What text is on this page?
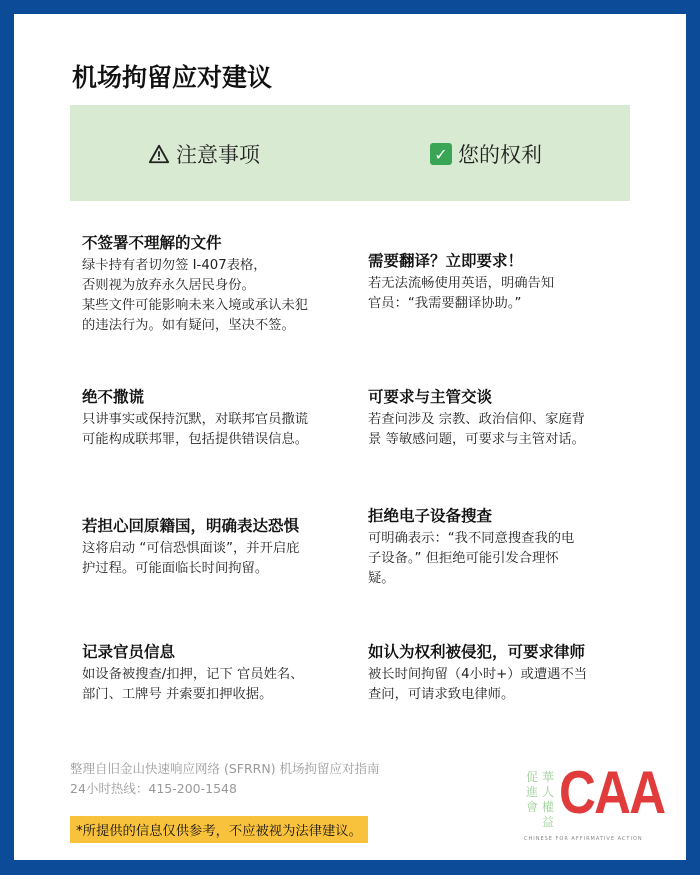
机场拘留应对建议
注意事项	✓ 您的权利
不签署不理解的文件

绿卡持有者切勿签 I-407表格，
否则视为放弃永久居民身份。
某些文件可能影响未来入境或承认未犯
的违法行为。如有疑问，坚决不签。

绝不撒谎

只讲事实或保持沉默，对联邦官员撒谎
可能构成联邦罪，包括提供错误信息。

若担心回原籍国，明确表达恐惧

这将启动 “可信恐惧面谈”，并开启庇
护过程。可能面临长时间拘留。

记录官员信息

如设备被搜查/扣押，记下 官员姓名、
部门、工牌号 并索要扣押收据。

需要翻译？立即要求！

若无法流畅使用英语，明确告知
官员：“我需要翻译协助。”

可要求与主管交谈

若查问涉及 宗教、政治信仰、家庭背
景 等敏感问题，可要求与主管对话。

拒绝电子设备搜查

可明确表示：“我不同意搜查我的电
子设备。” 但拒绝可能引发合理怀
疑。

如认为权利被侵犯，可要求律师

被长时间拘留（4小时+）或遭遇不当
查问，可请求致电律师。

整理自旧金山快速响应网络 (SFRRN) 机场拘留应对指南
24小时热线：415-200-1548
*所提供的信息仅供参考，不应被视为法律建议。
促進會
華人權益 CAA
CHINESE FOR AFFIRMATIVE ACTION
